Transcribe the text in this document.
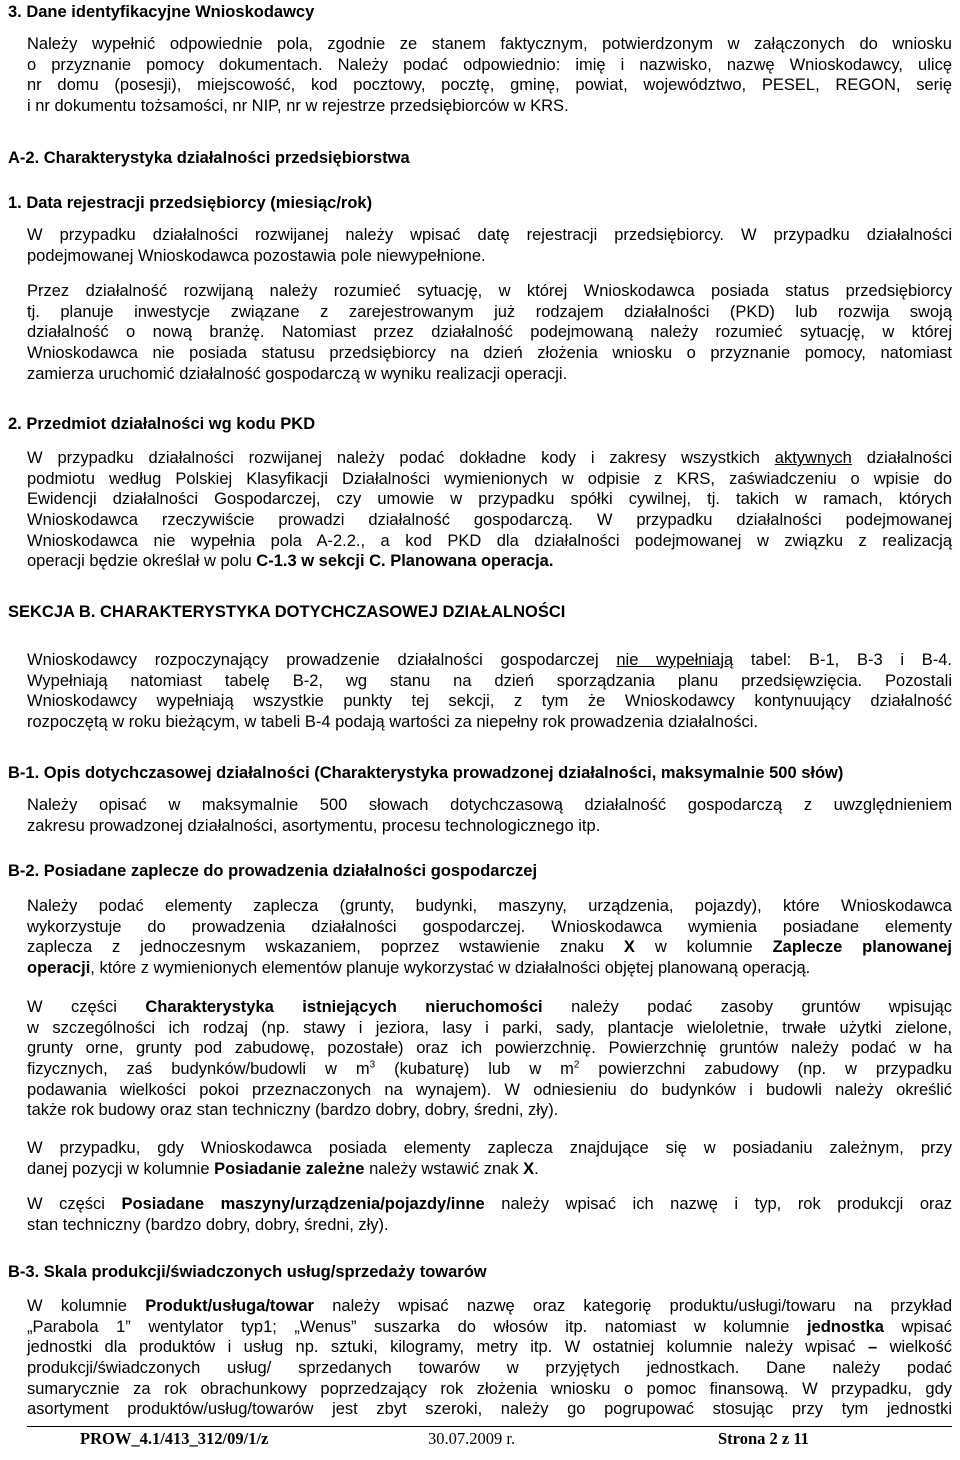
3. Dane identyfikacyjne Wnioskodawcy
Należy wypełnić odpowiednie pola, zgodnie ze stanem faktycznym, potwierdzonym w załączonych do wniosku
o przyznanie pomocy dokumentach. Należy podać odpowiednio: imię i nazwisko, nazwę Wnioskodawcy, ulicę
nr domu (posesji), miejscowość, kod pocztowy, pocztę, gminę, powiat, województwo, PESEL, REGON, serię
i nr dokumentu tożsamości, nr NIP, nr w rejestrze przedsiębiorców w KRS.
A-2. Charakterystyka działalności przedsiębiorstwa
1. Data rejestracji przedsiębiorcy (miesiąc/rok)
W przypadku działalności rozwijanej należy wpisać datę rejestracji przedsiębiorcy. W przypadku działalności
podejmowanej Wnioskodawca pozostawia pole niewypełnione.
Przez działalność rozwijaną należy rozumieć sytuację, w której Wnioskodawca posiada status przedsiębiorcy
tj. planuje inwestycje związane z zarejestrowanym już rodzajem działalności (PKD) lub rozwija swoją
działalność o nową branżę. Natomiast przez działalność podejmowaną należy rozumieć sytuację, w której
Wnioskodawca nie posiada statusu przedsiębiorcy na dzień złożenia wniosku o przyznanie pomocy, natomiast
zamierza uruchomić działalność gospodarczą w wyniku realizacji operacji.
2. Przedmiot działalności wg kodu PKD
W przypadku działalności rozwijanej należy podać dokładne kody i zakresy wszystkich aktywnych działalności
podmiotu według Polskiej Klasyfikacji Działalności wymienionych w odpisie z KRS, zaświadczeniu o wpisie do
Ewidencji działalności Gospodarczej, czy umowie w przypadku spółki cywilnej, tj. takich w ramach, których
Wnioskodawca rzeczywiście prowadzi działalność gospodarczą. W przypadku działalności podejmowanej
Wnioskodawca nie wypełnia pola A-2.2., a kod PKD dla działalności podejmowanej w związku z realizacją
operacji będzie określał w polu C-1.3 w sekcji C. Planowana operacja.
SEKCJA B. CHARAKTERYSTYKA DOTYCHCZASOWEJ DZIAŁALNOŚCI
Wnioskodawcy rozpoczynający prowadzenie działalności gospodarczej nie wypełniają tabel: B-1, B-3 i B-4.
Wypełniają natomiast tabelę B-2, wg stanu na dzień sporządzania planu przedsięwzięcia. Pozostali
Wnioskodawcy wypełniają wszystkie punkty tej sekcji, z tym że Wnioskodawcy kontynuujący działalność
rozpoczętą w roku bieżącym, w tabeli B-4 podają wartości za niepełny rok prowadzenia działalności.
B-1. Opis dotychczasowej działalności (Charakterystyka prowadzonej działalności, maksymalnie 500 słów)
Należy opisać w maksymalnie 500 słowach dotychczasową działalność gospodarczą z uwzględnieniem
zakresu prowadzonej działalności, asortymentu, procesu technologicznego itp.
B-2. Posiadane zaplecze do prowadzenia działalności gospodarczej
Należy podać elementy zaplecza (grunty, budynki, maszyny, urządzenia, pojazdy), które Wnioskodawca
wykorzystuje do prowadzenia działalności gospodarczej. Wnioskodawca wymienia posiadane elementy
zaplecza z jednoczesnym wskazaniem, poprzez wstawienie znaku X w kolumnie Zaplecze planowanej
operacji, które z wymienionych elementów planuje wykorzystać w działalności objętej planowaną operacją.
W części Charakterystyka istniejących nieruchomości należy podać zasoby gruntów wpisując
w szczególności ich rodzaj (np. stawy i jeziora, lasy i parki, sady, plantacje wieloletnie, trwałe użytki zielone,
grunty orne, grunty pod zabudowę, pozostałe) oraz ich powierzchnię. Powierzchnię gruntów należy podać w ha
fizycznych, zaś budynków/budowli w $m^3$ (kubaturę) lub w $m^2$ powierzchni zabudowy (np. w przypadku
podawania wielkości pokoi przeznaczonych na wynajem). W odniesieniu do budynków i budowli należy określić
także rok budowy oraz stan techniczny (bardzo dobry, dobry, średni, zły).
W przypadku, gdy Wnioskodawca posiada elementy zaplecza znajdujące się w posiadaniu zależnym, przy
danej pozycji w kolumnie Posiadanie zależne należy wstawić znak X.
W części Posiadane maszyny/urządzenia/pojazdy/inne należy wpisać ich nazwę i typ, rok produkcji oraz
stan techniczny (bardzo dobry, dobry, średni, zły).
B-3. Skala produkcji/świadczonych usług/sprzedaży towarów
W kolumnie Produkt/usługa/towar należy wpisać nazwę oraz kategorię produktu/usługi/towaru na przykład
„Parabola 1” wentylator typ1; „Wenus” suszarka do włosów itp. natomiast w kolumnie jednostka wpisać
jednostki dla produktów i usług np. sztuki, kilogramy, metry itp. W ostatniej kolumnie należy wpisać – wielkość
produkcji/świadczonych usług/ sprzedanych towarów w przyjętych jednostkach. Dane należy podać
sumarycznie za rok obrachunkowy poprzedzający rok złożenia wniosku o pomoc finansową. W przypadku, gdy
asortyment produktów/usług/towarów jest zbyt szeroki, należy go pogrupować stosując przy tym jednostki
PROW_4.1/413_312/09/1/z	30.07.2009 r.	Strona 2 z 11
